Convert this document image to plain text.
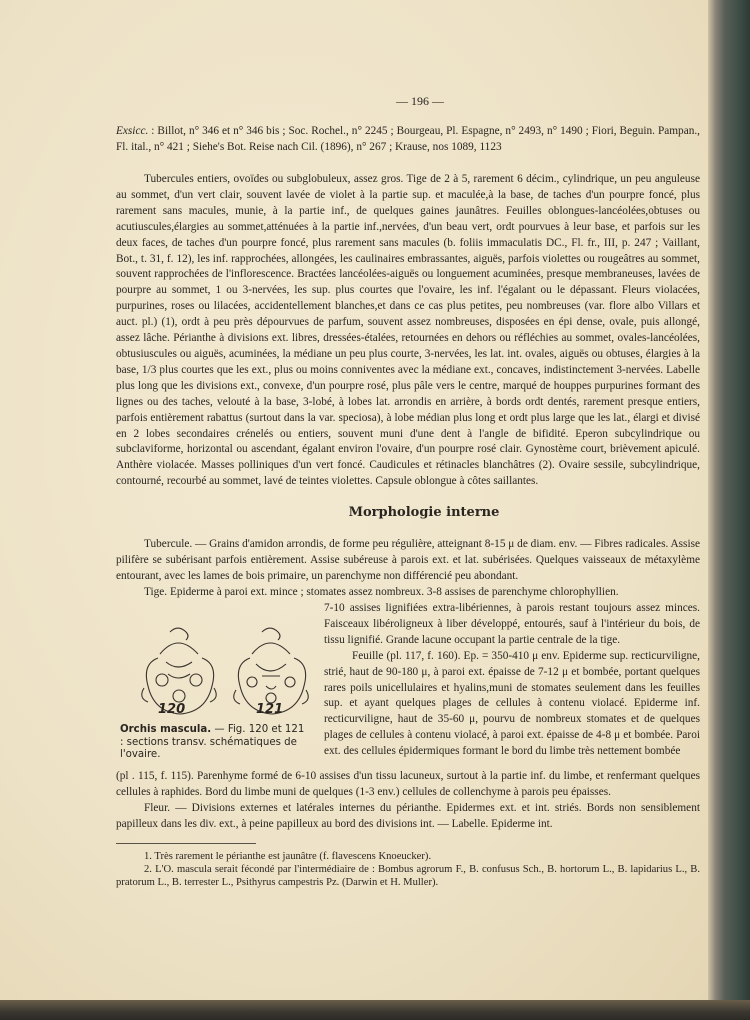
— 196 —

Exsicc. : Billot, n° 346 et n° 346 bis ; Soc. Rochel., n° 2245 ; Bourgeau, Pl. Espagne, n° 2493, n° 1490 ; Fiori, Beguin. Pampan., Fl. ital., n° 421 ; Siehe's Bot. Reise nach Cil. (1896), n° 267 ; Krause, nos 1089, 1123

Tubercules entiers, ovoïdes ou subglobuleux, assez gros. Tige de 2 à 5, rarement 6 décim., cylindrique, un peu anguleuse au sommet, d'un vert clair, souvent lavée de violet à la partie sup. et maculée,à la base, de taches d'un pourpre foncé, plus rarement sans macules, munie, à la partie inf., de quelques gaines jaunâtres. Feuilles oblongues-lancéolées,obtuses ou acutiuscules,élargies au sommet,atténuées à la partie inf.,nervées, d'un beau vert, ordt pourvues à leur base, et parfois sur les deux faces, de taches d'un pourpre foncé, plus rarement sans macules (b. foliis immaculatis DC., Fl. fr., III, p. 247 ; Vaillant, Bot., t. 31, f. 12), les inf. rapprochées, allongées, les caulinaires embrassantes, aiguës, parfois violettes ou rougeâtres au sommet, souvent rapprochées de l'inflorescence. Bractées lancéolées-aiguës ou longuement acuminées, presque membraneuses, lavées de pourpre au sommet, 1 ou 3-nervées, les sup. plus courtes que l'ovaire, les inf. l'égalant ou le dépassant. Fleurs violacées, purpurines, roses ou lilacées, accidentellement blanches,et dans ce cas plus petites, peu nombreuses (var. flore albo Villars et auct. pl.) (1), ordt à peu près dépourvues de parfum, souvent assez nombreuses, disposées en épi dense, ovale, puis allongé, assez lâche. Périanthe à divisions ext. libres, dressées-étalées, retournées en dehors ou réfléchies au sommet, ovales-lancéolées, obtusiuscules ou aiguës, acuminées, la médiane un peu plus courte, 3-nervées, les lat. int. ovales, aiguës ou obtuses, élargies à la base, 1/3 plus courtes que les ext., plus ou moins conniventes avec la médiane ext., concaves, indistinctement 3-nervées. Labelle plus long que les divisions ext., convexe, d'un pourpre rosé, plus pâle vers le centre, marqué de houppes purpurines formant des lignes ou des taches, velouté à la base, 3-lobé, à lobes lat. arrondis en arrière, à bords ordt dentés, rarement presque entiers, parfois entièrement rabattus (surtout dans la var. speciosa), à lobe médian plus long et ordt plus large que les lat., élargi et divisé en 2 lobes secondaires crénelés ou entiers, souvent muni d'une dent à l'angle de bifidité. Eperon subcylindrique ou subclaviforme, horizontal ou ascendant, égalant environ l'ovaire, d'un pourpre rosé clair. Gynostème court, brièvement apiculé. Anthère violacée. Masses polliniques d'un vert foncé. Caudicules et rétinacles blanchâtres (2). Ovaire sessile, subcylindrique, contourné, recourbé au sommet, lavé de teintes violettes. Capsule oblongue à côtes saillantes.

Morphologie interne

Tubercule. — Grains d'amidon arrondis, de forme peu régulière, atteignant 8-15 μ de diam. env. — Fibres radicales. Assise pilifère se subérisant parfois entièrement. Assise subéreuse à parois ext. et lat. subérisées. Quelques vaisseaux de métaxylème entourant, avec les lames de bois primaire, un parenchyme non différencié peu abondant.

Tige. Epiderme à paroi ext. mince ; stomates assez nombreux. 3-8 assises de parenchyme chlorophyllien.

7-10 assises lignifiées extra-libériennes, à parois restant toujours assez minces. Faisceaux libéroligneux à liber développé, entourés, sauf à l'intérieur du bois, de tissu lignifié. Grande lacune occupant la partie centrale de la tige.

Feuille (pl. 117, f. 160). Ep. = 350-410 μ env. Epiderme sup. recticurviligne, strié, haut de 90-180 μ, à paroi ext. épaisse de 7-12 μ et bombée, portant quelques rares poils unicellulaires et hyalins,muni de stomates seulement dans les feuilles sup. et ayant quelques plages de cellules à contenu violacé. Epiderme inf. recticurviligne, haut de 35-60 μ, pourvu de nombreux stomates et de quelques plages de cellules à contenu violacé, à paroi ext. épaisse de 4-8 μ et bombée. Paroi ext. des cellules épidermiques formant le bord du limbe très nettement bombée

120	121
Orchis mascula. — Fig. 120 et 121 : sections transv. schématiques de l'ovaire.

(pl . 115, f. 115). Parenhyme formé de 6-10 assises d'un tissu lacuneux, surtout à la partie inf. du limbe, et renfermant quelques cellules à raphides. Bord du limbe muni de quelques (1-3 env.) cellules de collenchyme à parois peu épaisses.

Fleur. — Divisions externes et latérales internes du périanthe. Epidermes ext. et int. striés. Bords non sensiblement papilleux dans les div. ext., à peine papilleux au bord des divisions int. — Labelle. Epiderme int.

1. Très rarement le périanthe est jaunâtre (f. flavescens Knoeucker).

2. L'O. mascula serait fécondé par l'intermédiaire de : Bombus agrorum F., B. confusus Sch., B. hortorum L., B. lapidarius L., B. pratorum L., B. terrester L., Psithyrus campestris Pz. (Darwin et H. Muller).
